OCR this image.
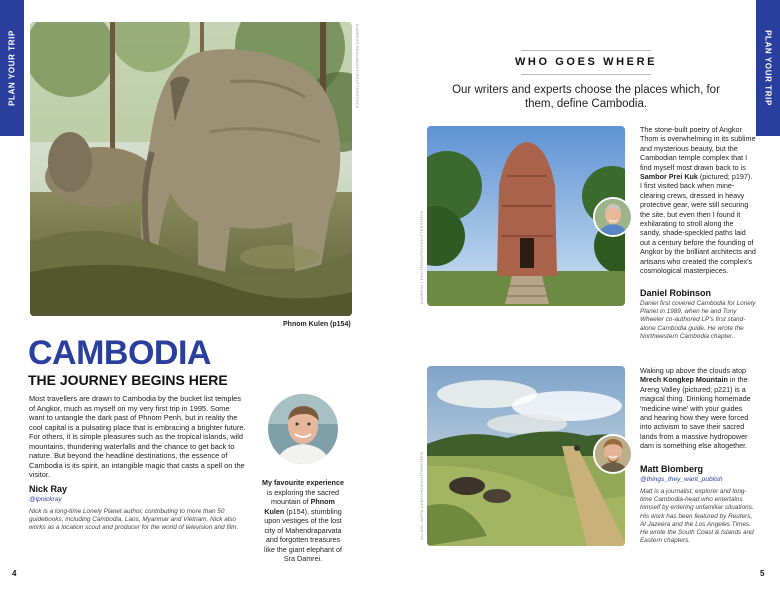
PLAN YOUR TRIP	PLAN YOUR TRIP
ANDREAS BRAUNSZKY/SHUTTERSTOCK
Phnom Kulen (p154)
CAMBODIA
THE JOURNEY BEGINS HERE

Most travellers are drawn to Cambodia by the bucket list temples of Angkor, much as myself on my very first trip in 1995. Some want to untangle the dark past of Phnom Penh, but in reality the cool capital is a pulsating place that is embracing a brighter future. For others, it is simple pleasures such as the tropical islands, wild mountains, thundering waterfalls and the chance to get back to nature. But beyond the headline destinations, the essence of Cambodia is its spirit, an intangible magic that casts a spell on the visitor.

Nick Ray
@lpnickray

Nick is a long-time Lonely Planet author, contributing to more than 50 guidebooks, including Cambodia, Laos, Myanmar and Vietnam. Nick also works as a location scout and producer for the world of television and film.

My favourite experience is exploring the sacred mountain of Phnom Kulen (p154), stumbling upon vestiges of the lost city of Mahendraparvata and forgotten treasures like the giant elephant of Sra Damrei.

4	5
WHO GOES WHERE

Our writers and experts choose the places which, for them, define Cambodia.

ANDREW J PHOTOGRAPHY/SHUTTERSTOCK

The stone-built poetry of Angkor Thom is overwhelming in its sublime and mysterious beauty, but the Cambodian temple complex that I find myself most drawn back to is Sambor Prei Kuk (pictured; p197). I first visited back when mine-clearing crews, dressed in heavy protective gear, were still securing the site, but even then I found it exhilarating to stroll along the sandy, shade-speckled paths laid out a century before the founding of Angkor by the brilliant architects and artisans who created the complex's cosmological masterpieces.

Daniel Robinson

Daniel first covered Cambodia for Lonely Planet in 1989, when he and Tony Wheeler co-authored LP's first stand-alone Cambodia guide. He wrote the Northwestern Cambodia chapter.

ALIJNAI SAPOLCHATCHO/SHUTTERSTOCK

Waking up above the clouds atop Mrech Kongkep Mountain in the Areng Valley (pictured; p221) is a magical thing. Drinking homemade 'medicine wine' with your guides and hearing how they were forced into activism to save their sacred lands from a massive hydropower dam is something else altogether.

Matt Blomberg
@things_they_want_publish

Matt is a journalist, explorer and long-time Cambodia-head who entertains himself by entering unfamiliar situations. His work has been featured by Reuters, Al Jazeera and the Los Angeles Times. He wrote the South Coast & Islands and Eastern chapters.
